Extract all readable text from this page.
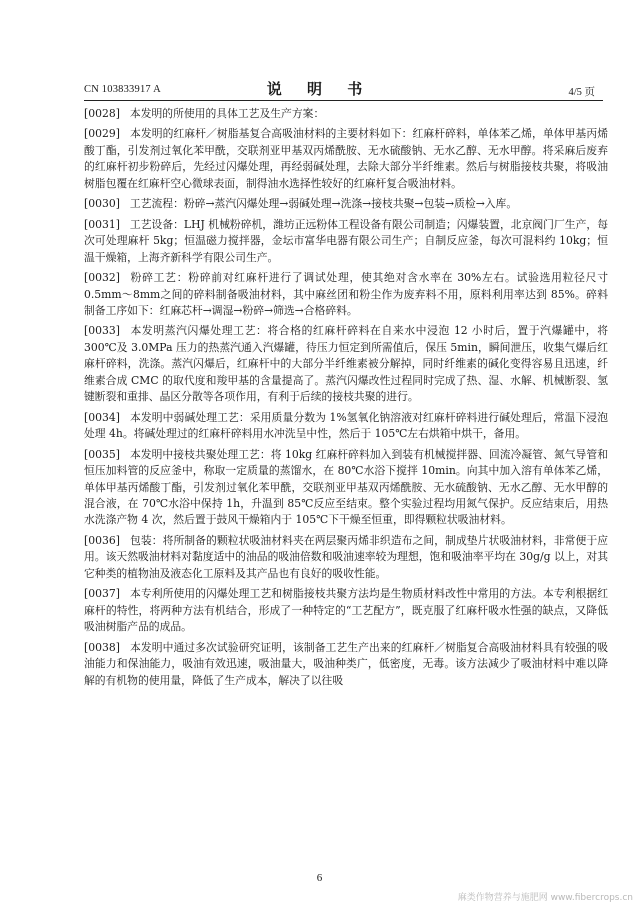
CN 103833917 A	说 明 书	4/5 页

[0028] 本发明的所使用的具体工艺及生产方案：

[0029] 本发明的红麻杆／树脂基复合高吸油材料的主要材料如下：红麻杆碎料，单体苯乙烯，单体甲基丙烯酸丁酯，引发剂过氧化苯甲酰，交联剂亚甲基双丙烯酰胺、无水硫酸钠、无水乙醇、无水甲醇。将采麻后废弃的红麻杆初步粉碎后，先经过闪爆处理，再经弱碱处理，去除大部分半纤维素。然后与树脂接枝共聚，将吸油树脂包覆在红麻杆空心微球表面，制得油水选择性较好的红麻杆复合吸油材料。

[0030] 工艺流程：粉碎→蒸汽闪爆处理→弱碱处理→洗涤→接枝共聚→包装→质检→入库。

[0031] 工艺设备：LHJ 机械粉碎机，潍坊正远粉体工程设备有限公司制造；闪爆装置，北京阀门厂生产，每次可处理麻杆 5kg；恒温磁力搅拌器，金坛市富华电器有限公司生产；自制反应釜，每次可混料约 10kg；恒温干燥箱，上海齐新科学有限公司生产。

[0032] 粉碎工艺：粉碎前对红麻杆进行了调试处理，使其绝对含水率在 30%左右。试验选用粒径尺寸 0.5mm～8mm之间的碎料制备吸油材料，其中麻丝团和粉尘作为废弃料不用，原料利用率达到 85%。碎料制备工序如下：红麻芯杆→调湿→粉碎→筛选→合格碎料。

[0033] 本发明蒸汽闪爆处理工艺：将合格的红麻杆碎料在自来水中浸泡 12 小时后，置于汽爆罐中，将 300℃及 3.0MPa 压力的热蒸汽通入汽爆罐，待压力恒定到所需值后，保压 5min，瞬间泄压，收集气爆后红麻杆碎料，洗涤。蒸汽闪爆后，红麻杆中的大部分半纤维素被分解掉，同时纤维素的碱化变得容易且迅速，纤维素合成 CMC 的取代度和羧甲基的含量提高了。蒸汽闪爆改性过程同时完成了热、湿、水解、机械断裂、氢键断裂和重排、晶区分散等各项作用，有利于后续的接枝共聚的进行。

[0034] 本发明中弱碱处理工艺：采用质量分数为 1%氢氧化钠溶液对红麻杆碎料进行碱处理后，常温下浸泡处理 4h。将碱处理过的红麻杆碎料用水冲洗呈中性，然后于 105℃左右烘箱中烘干，备用。

[0035] 本发明中接枝共聚处理工艺：将 10kg 红麻杆碎料加入到装有机械搅拌器、回流冷凝管、氮气导管和恒压加料管的反应釜中，称取一定质量的蒸馏水，在 80℃水浴下搅拌 10min。向其中加入溶有单体苯乙烯，单体甲基丙烯酸丁酯，引发剂过氧化苯甲酰，交联剂亚甲基双丙烯酰胺、无水硫酸钠、无水乙醇、无水甲醇的混合液，在 70℃水浴中保持 1h，升温到 85℃反应至结束。整个实验过程均用氮气保护。反应结束后，用热水洗涤产物 4 次，然后置于鼓风干燥箱内于 105℃下干燥至恒重，即得颗粒状吸油材料。

[0036] 包装：将所制备的颗粒状吸油材料夹在两层聚丙烯非织造布之间，制成垫片状吸油材料，非常便于应用。该天然吸油材料对黏度适中的油品的吸油倍数和吸油速率较为理想，饱和吸油率平均在 30g/g 以上，对其它种类的植物油及液态化工原料及其产品也有良好的吸收性能。

[0037] 本专利所使用的闪爆处理工艺和树脂接枝共聚方法均是生物质材料改性中常用的方法。本专利根据红麻杆的特性，将两种方法有机结合，形成了一种特定的“工艺配方”，既克服了红麻杆吸水性强的缺点，又降低吸油树脂产品的成品。

[0038] 本发明中通过多次试验研究证明，该制备工艺生产出来的红麻杆／树脂复合高吸油材料具有较强的吸油能力和保油能力，吸油有效迅速，吸油量大，吸油种类广，低密度，无毒。该方法减少了吸油材料中难以降解的有机物的使用量，降低了生产成本，解决了以往吸

6
麻类作物营养与施肥网 www.fibercrops.cn
